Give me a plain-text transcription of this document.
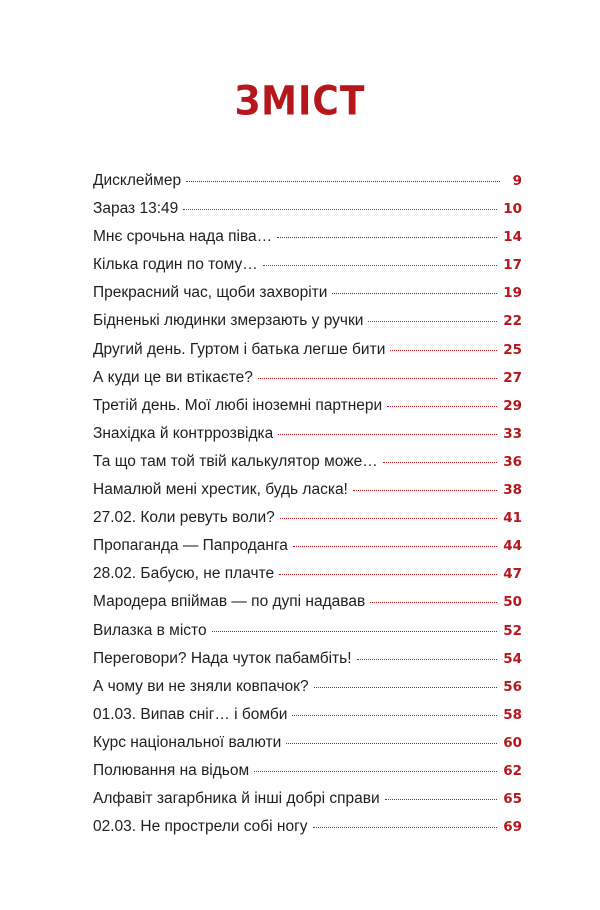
ЗМІСТ
Дисклеймер	9
Зараз 13:49	10
Мнє срочьна нада піва…	14
Кілька годин по тому…	17
Прекрасний час, щоби захворіти	19
Бідненькі людинки змерзають у ручки	22
Другий день. Гуртом і батька легше бити	25
А куди це ви втікаєте?	27
Третій день. Мої любі іноземні партнери	29
Знахідка й контррозвідка	33
Та що там той твій калькулятор може…	36
Намалюй мені хрестик, будь ласка!	38
27.02. Коли ревуть воли?	41
Пропаганда — Папроданга	44
28.02. Бабусю, не плачте	47
Мародера впіймав — по дупі надавав	50
Вилазка в місто	52
Переговори? Нада чуток пабамбіть!	54
А чому ви не зняли ковпачок?	56
01.03. Випав сніг… і бомби	58
Курс національної валюти	60
Полювання на відьом	62
Алфавіт загарбника й інші добрі справи	65
02.03. Не прострели собі ногу	69
